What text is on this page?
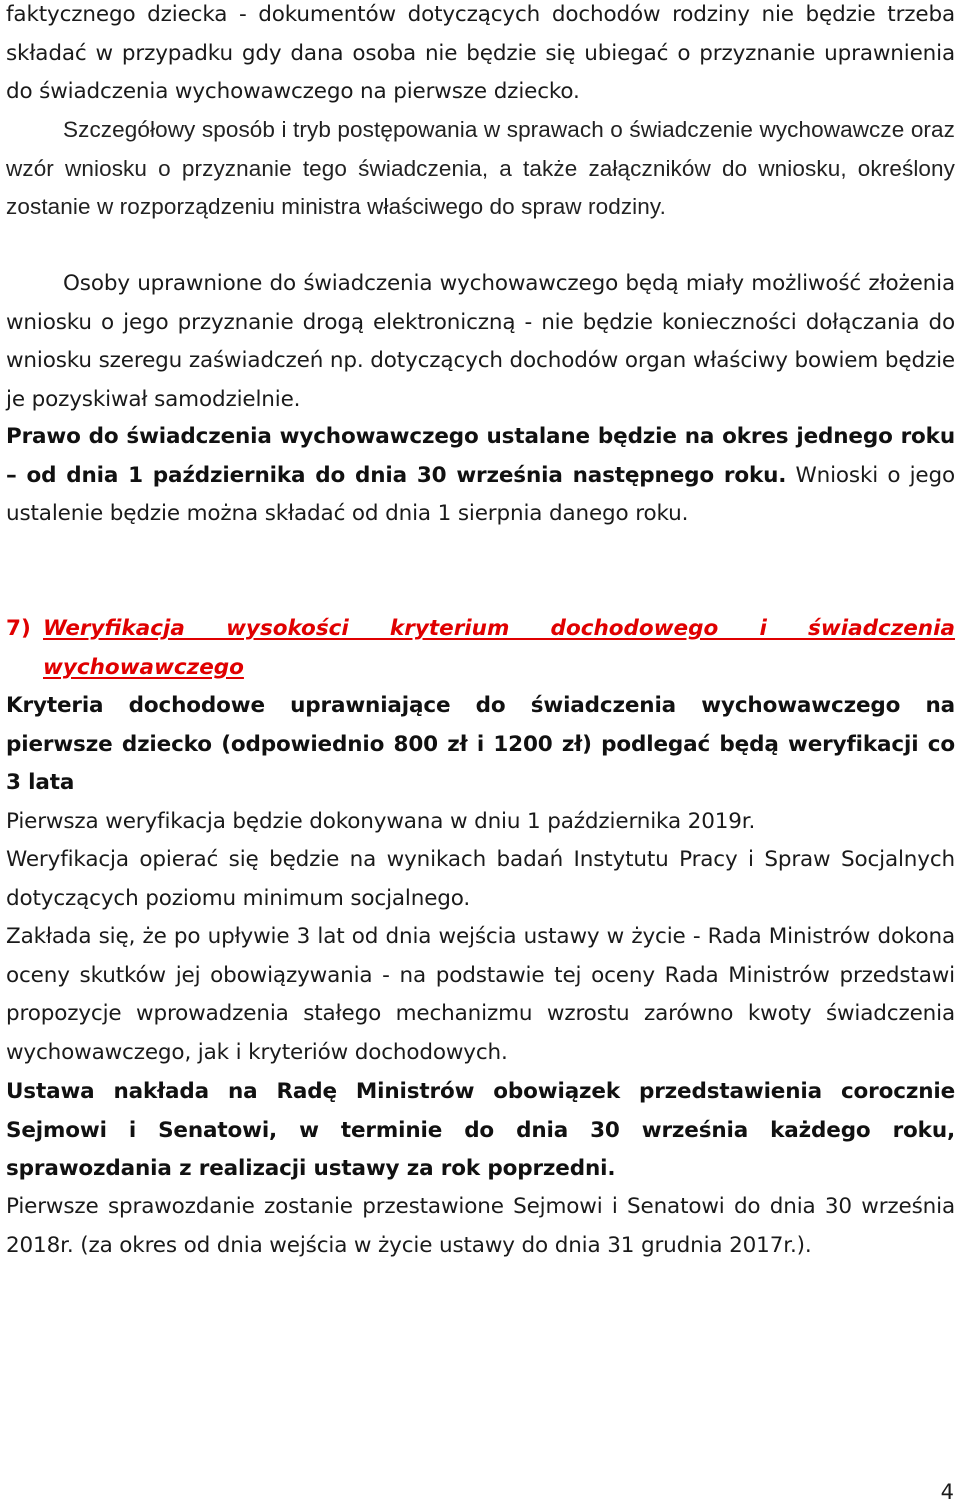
faktycznego dziecka - dokumentów dotyczących dochodów rodziny nie będzie trzeba składać w przypadku gdy dana osoba nie będzie się ubiegać o przyznanie uprawnienia do świadczenia wychowawczego na pierwsze dziecko.

Szczegółowy sposób i tryb postępowania w sprawach o świadczenie wychowawcze oraz wzór wniosku o przyznanie tego świadczenia, a także załączników do wniosku, określony zostanie w rozporządzeniu ministra właściwego do spraw rodziny.

Osoby uprawnione do świadczenia wychowawczego będą miały możliwość złożenia wniosku o jego przyznanie drogą elektroniczną - nie będzie konieczności dołączania do wniosku szeregu zaświadczeń np. dotyczących dochodów organ właściwy bowiem będzie je pozyskiwał samodzielnie.

Prawo do świadczenia wychowawczego ustalane będzie na okres jednego roku – od dnia 1 października do dnia 30 września następnego roku. Wnioski o jego ustalenie będzie można składać od dnia 1 sierpnia danego roku.

7) Weryfikacja wysokości kryterium dochodowego i świadczenia wychowawczego

Kryteria dochodowe uprawniające do świadczenia wychowawczego na pierwsze dziecko (odpowiednio 800 zł i 1200 zł) podlegać będą weryfikacji co 3 lata

Pierwsza weryfikacja będzie dokonywana w dniu 1 października 2019r.

Weryfikacja opierać się będzie na wynikach badań Instytutu Pracy i Spraw Socjalnych dotyczących poziomu minimum socjalnego.

Zakłada się, że po upływie 3 lat od dnia wejścia ustawy w życie - Rada Ministrów dokona oceny skutków jej obowiązywania - na podstawie tej oceny Rada Ministrów przedstawi propozycje wprowadzenia stałego mechanizmu wzrostu zarówno kwoty świadczenia wychowawczego, jak i kryteriów dochodowych.

Ustawa nakłada na Radę Ministrów obowiązek przedstawienia corocznie Sejmowi i Senatowi, w terminie do dnia 30 września każdego roku, sprawozdania z realizacji ustawy za rok poprzedni.

Pierwsze sprawozdanie zostanie przestawione Sejmowi i Senatowi do dnia 30 września 2018r. (za okres od dnia wejścia w życie ustawy do dnia 31 grudnia 2017r.).

4
